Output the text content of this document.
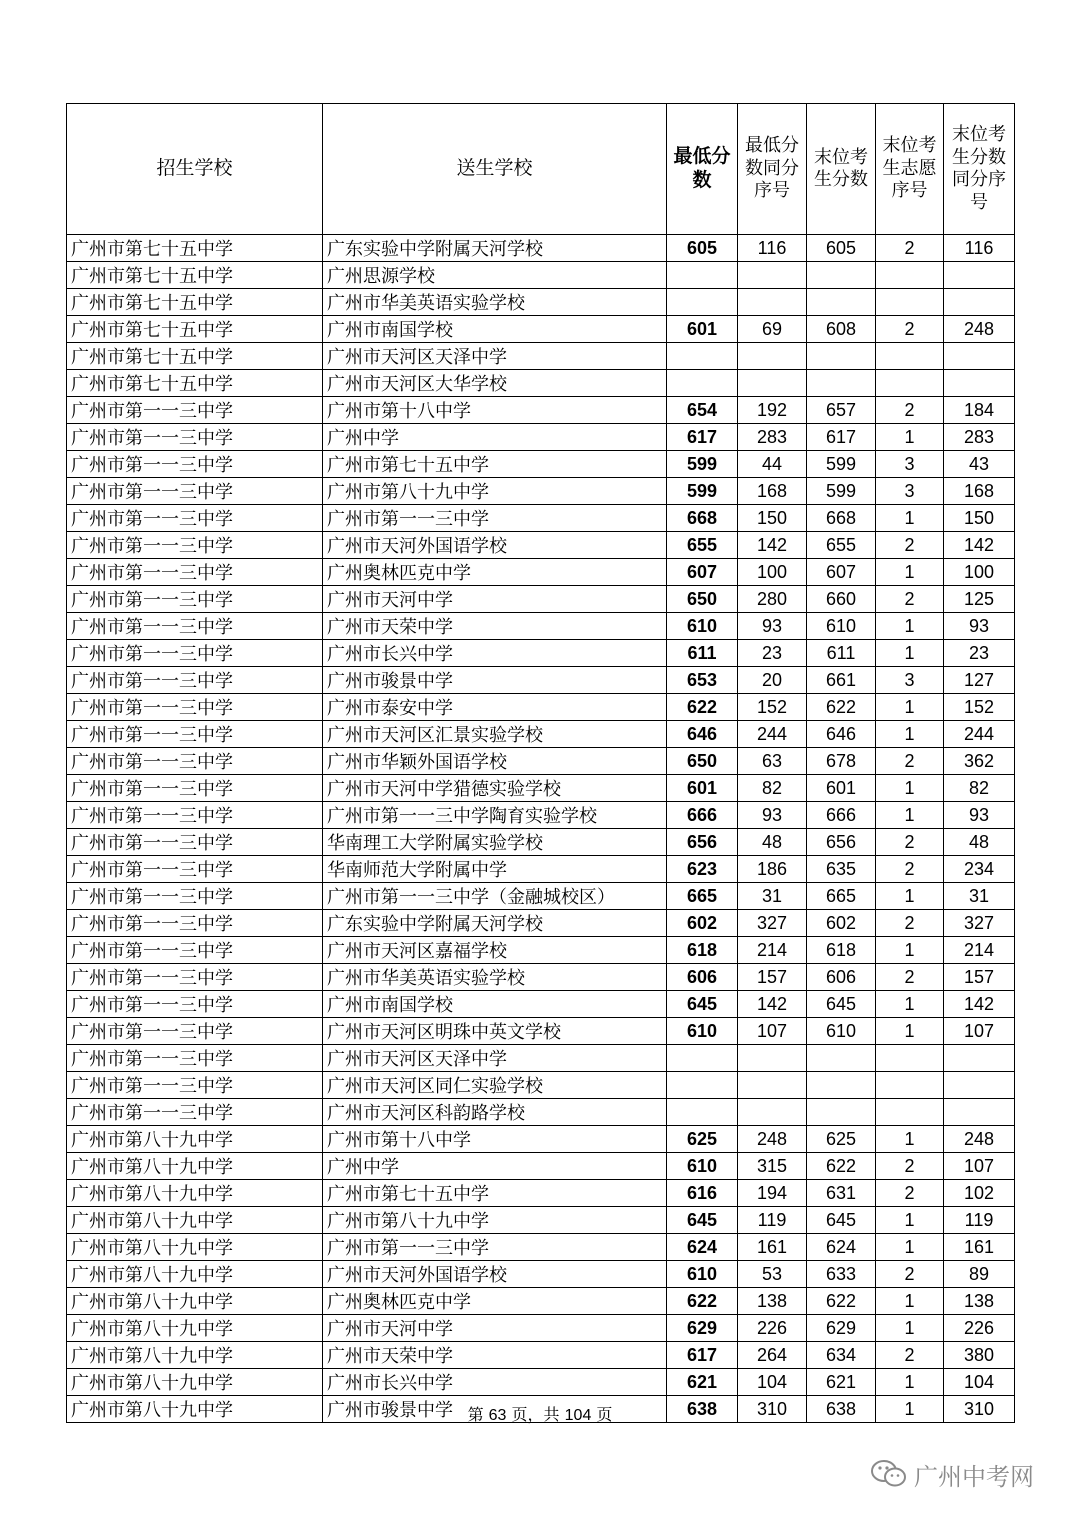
招生学校	送生学校	最低分数	最低分数同分序号	末位考生分数	末位考生志愿序号	末位考生分数同分序号
广州市第七十五中学	广东实验中学附属天河学校	605	116	605	2	116
广州市第七十五中学	广州思源学校					
广州市第七十五中学	广州市华美英语实验学校					
广州市第七十五中学	广州市南国学校	601	69	608	2	248
广州市第七十五中学	广州市天河区天泽中学					
广州市第七十五中学	广州市天河区大华学校					
广州市第一一三中学	广州市第十八中学	654	192	657	2	184
广州市第一一三中学	广州中学	617	283	617	1	283
广州市第一一三中学	广州市第七十五中学	599	44	599	3	43
广州市第一一三中学	广州市第八十九中学	599	168	599	3	168
广州市第一一三中学	广州市第一一三中学	668	150	668	1	150
广州市第一一三中学	广州市天河外国语学校	655	142	655	2	142
广州市第一一三中学	广州奥林匹克中学	607	100	607	1	100
广州市第一一三中学	广州市天河中学	650	280	660	2	125
广州市第一一三中学	广州市天荣中学	610	93	610	1	93
广州市第一一三中学	广州市长兴中学	611	23	611	1	23
广州市第一一三中学	广州市骏景中学	653	20	661	3	127
广州市第一一三中学	广州市泰安中学	622	152	622	1	152
广州市第一一三中学	广州市天河区汇景实验学校	646	244	646	1	244
广州市第一一三中学	广州市华颖外国语学校	650	63	678	2	362
广州市第一一三中学	广州市天河中学猎德实验学校	601	82	601	1	82
广州市第一一三中学	广州市第一一三中学陶育实验学校	666	93	666	1	93
广州市第一一三中学	华南理工大学附属实验学校	656	48	656	2	48
广州市第一一三中学	华南师范大学附属中学	623	186	635	2	234
广州市第一一三中学	广州市第一一三中学（金融城校区）	665	31	665	1	31
广州市第一一三中学	广东实验中学附属天河学校	602	327	602	2	327
广州市第一一三中学	广州市天河区嘉福学校	618	214	618	1	214
广州市第一一三中学	广州市华美英语实验学校	606	157	606	2	157
广州市第一一三中学	广州市南国学校	645	142	645	1	142
广州市第一一三中学	广州市天河区明珠中英文学校	610	107	610	1	107
广州市第一一三中学	广州市天河区天泽中学					
广州市第一一三中学	广州市天河区同仁实验学校					
广州市第一一三中学	广州市天河区科韵路学校					
广州市第八十九中学	广州市第十八中学	625	248	625	1	248
广州市第八十九中学	广州中学	610	315	622	2	107
广州市第八十九中学	广州市第七十五中学	616	194	631	2	102
广州市第八十九中学	广州市第八十九中学	645	119	645	1	119
广州市第八十九中学	广州市第一一三中学	624	161	624	1	161
广州市第八十九中学	广州市天河外国语学校	610	53	633	2	89
广州市第八十九中学	广州奥林匹克中学	622	138	622	1	138
广州市第八十九中学	广州市天河中学	629	226	629	1	226
广州市第八十九中学	广州市天荣中学	617	264	634	2	380
广州市第八十九中学	广州市长兴中学	621	104	621	1	104
广州市第八十九中学	广州市骏景中学	638	310	638	1	310
第 63 页，共 104 页
广州中考网
